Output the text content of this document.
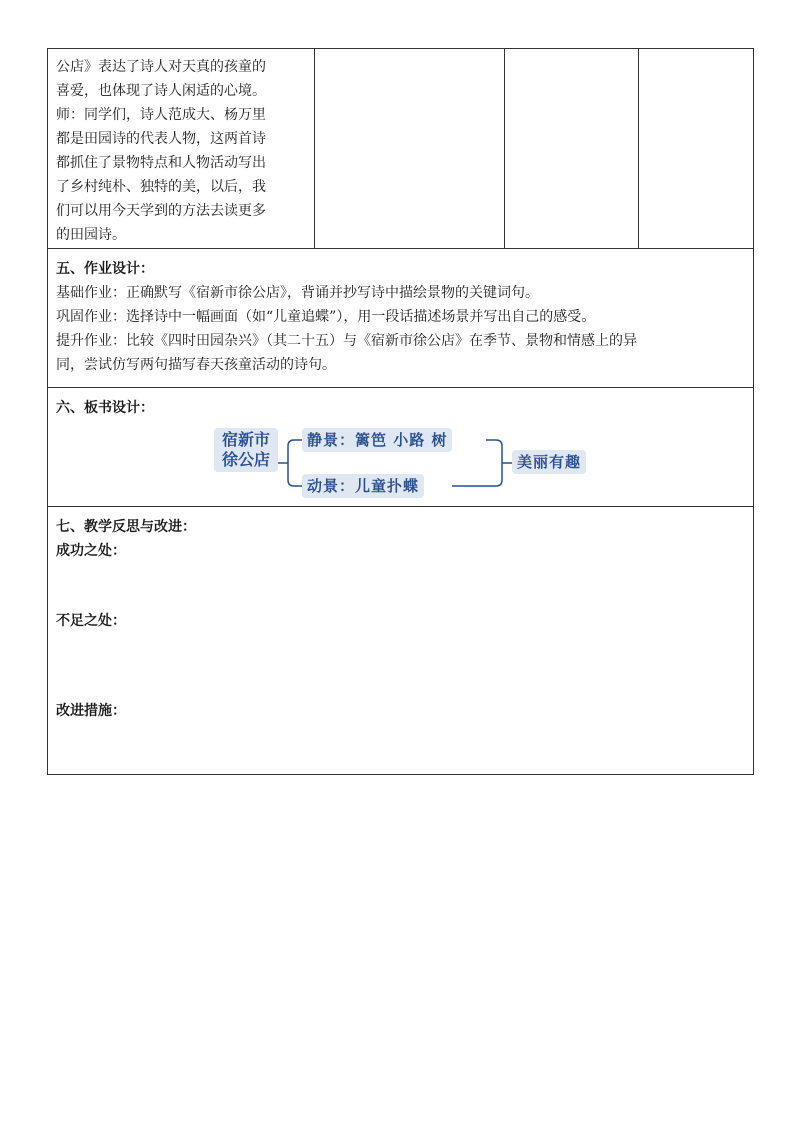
公店》表达了诗人对天真的孩童的
喜爱，也体现了诗人闲适的心境。
师：同学们，诗人范成大、杨万里
都是田园诗的代表人物，这两首诗
都抓住了景物特点和人物活动写出
了乡村纯朴、独特的美，以后，我
们可以用今天学到的方法去读更多
的田园诗。

五、作业设计：
基础作业：正确默写《宿新市徐公店》，背诵并抄写诗中描绘景物的关键词句。
巩固作业：选择诗中一幅画面（如“儿童追蝶”），用一段话描述场景并写出自己的感受。
提升作业：比较《四时田园杂兴》（其二十五）与《宿新市徐公店》在季节、景物和情感上的异
同，尝试仿写两句描写春天孩童活动的诗句。

六、板书设计：
宿新市
徐公店
静景：篱笆 小路 树
动景：儿童扑蝶
美丽有趣

七、教学反思与改进：
成功之处：
不足之处：
改进措施：
